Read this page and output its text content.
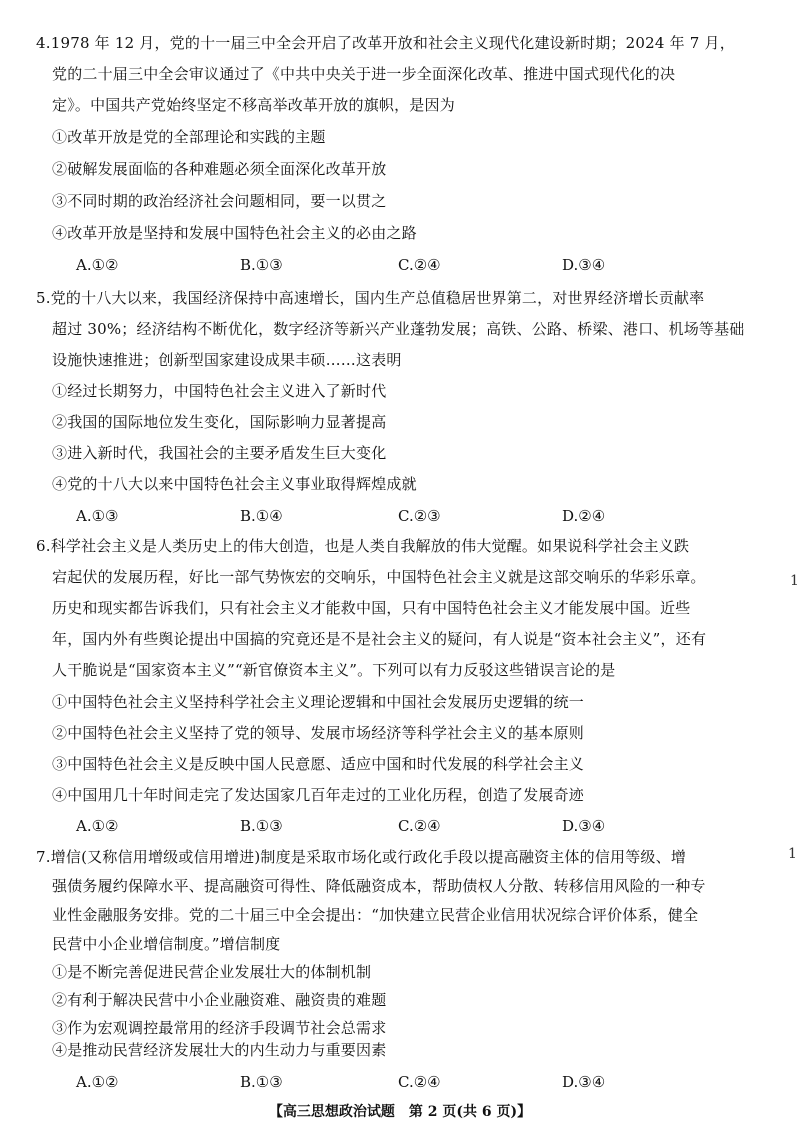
4.1978 年 12 月，党的十一届三中全会开启了改革开放和社会主义现代化建设新时期；2024 年 7 月，
党的二十届三中全会审议通过了《中共中央关于进一步全面深化改革、推进中国式现代化的决
定》。中国共产党始终坚定不移高举改革开放的旗帜，是因为
①改革开放是党的全部理论和实践的主题
②破解发展面临的各种难题必须全面深化改革开放
③不同时期的政治经济社会问题相同，要一以贯之
④改革开放是坚持和发展中国特色社会主义的必由之路
A.①②	B.①③	C.②④	D.③④
5.党的十八大以来，我国经济保持中高速增长，国内生产总值稳居世界第二，对世界经济增长贡献率
超过 30%；经济结构不断优化，数字经济等新兴产业蓬勃发展；高铁、公路、桥梁、港口、机场等基础
设施快速推进；创新型国家建设成果丰硕……这表明
①经过长期努力，中国特色社会主义进入了新时代
②我国的国际地位发生变化，国际影响力显著提高
③进入新时代，我国社会的主要矛盾发生巨大变化
④党的十八大以来中国特色社会主义事业取得辉煌成就
A.①③	B.①④	C.②③	D.②④
6.科学社会主义是人类历史上的伟大创造，也是人类自我解放的伟大觉醒。如果说科学社会主义跌
宕起伏的发展历程，好比一部气势恢宏的交响乐，中国特色社会主义就是这部交响乐的华彩乐章。
历史和现实都告诉我们，只有社会主义才能救中国，只有中国特色社会主义才能发展中国。近些
年，国内外有些舆论提出中国搞的究竟还是不是社会主义的疑问，有人说是“资本社会主义”，还有
人干脆说是“国家资本主义”“新官僚资本主义”。下列可以有力反驳这些错误言论的是
①中国特色社会主义坚持科学社会主义理论逻辑和中国社会发展历史逻辑的统一
②中国特色社会主义坚持了党的领导、发展市场经济等科学社会主义的基本原则
③中国特色社会主义是反映中国人民意愿、适应中国和时代发展的科学社会主义
④中国用几十年时间走完了发达国家几百年走过的工业化历程，创造了发展奇迹
A.①②	B.①③	C.②④	D.③④
7.增信(又称信用增级或信用增进)制度是采取市场化或行政化手段以提高融资主体的信用等级、增
强债务履约保障水平、提高融资可得性、降低融资成本，帮助债权人分散、转移信用风险的一种专
业性金融服务安排。党的二十届三中全会提出：“加快建立民营企业信用状况综合评价体系，健全
民营中小企业增信制度。”增信制度
①是不断完善促进民营企业发展壮大的体制机制
②有利于解决民营中小企业融资难、融资贵的难题
③作为宏观调控最常用的经济手段调节社会总需求
④是推动民营经济发展壮大的内生动力与重要因素
A.①②	B.①③	C.②④	D.③④
1
1
【高三思想政治试题　第 2 页(共 6 页)】
